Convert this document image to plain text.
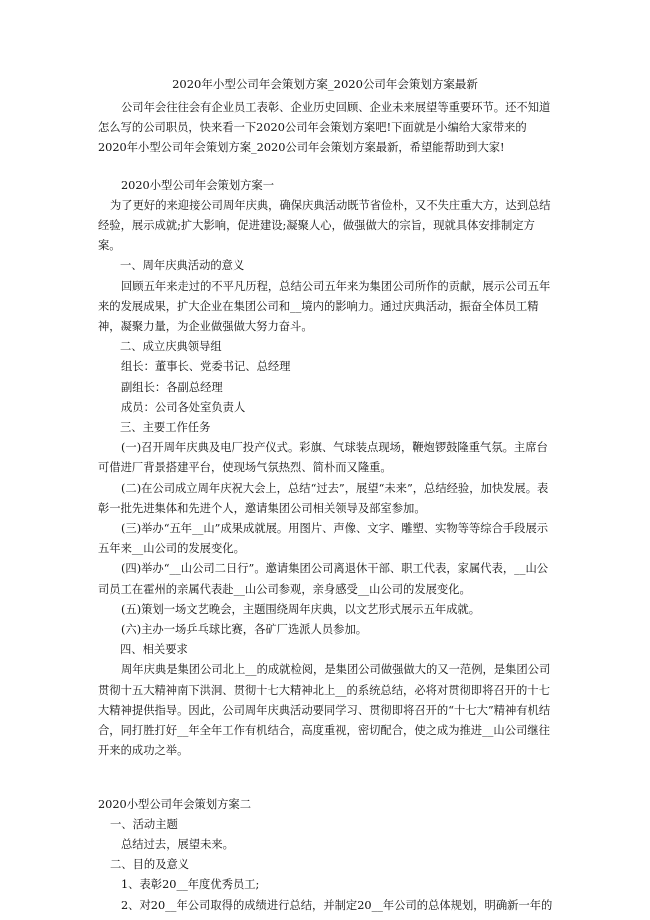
2020年小型公司年会策划方案_2020公司年会策划方案最新

公司年会往往会有企业员工表彰、企业历史回顾、企业未来展望等重要环节。还不知道怎么写的公司职员，快来看一下2020公司年会策划方案吧!下面就是小编给大家带来的2020年小型公司年会策划方案_2020公司年会策划方案最新，希望能帮助到大家!

2020小型公司年会策划方案一

为了更好的来迎接公司周年庆典，确保庆典活动既节省俭朴，又不失庄重大方，达到总结经验，展示成就;扩大影响，促进建设;凝聚人心，做强做大的宗旨，现就具体安排制定方案。

一、周年庆典活动的意义

回顾五年来走过的不平凡历程，总结公司五年来为集团公司所作的贡献，展示公司五年来的发展成果，扩大企业在集团公司和__境内的影响力。通过庆典活动，振奋全体员工精神，凝聚力量，为企业做强做大努力奋斗。

二、成立庆典领导组

组长：董事长、党委书记、总经理

副组长：各副总经理

成员：公司各处室负责人

三、主要工作任务

(一)召开周年庆典及电厂投产仪式。彩旗、气球装点现场，鞭炮锣鼓隆重气氛。主席台可借进厂背景搭建平台，使现场气氛热烈、简朴而又隆重。

(二)在公司成立周年庆祝大会上，总结“过去”，展望“未来”，总结经验，加快发展。表彰一批先进集体和先进个人，邀请集团公司相关领导及部室参加。

(三)举办“五年__山”成果成就展。用图片、声像、文字、雕塑、实物等等综合手段展示五年来__山公司的发展变化。

(四)举办“__山公司二日行”。邀请集团公司离退休干部、职工代表，家属代表，__山公司员工在霍州的亲属代表赴__山公司参观，亲身感受__山公司的发展变化。

(五)策划一场文艺晚会，主题围绕周年庆典，以文艺形式展示五年成就。

(六)主办一场乒乓球比赛，各矿厂选派人员参加。

四、相关要求

周年庆典是集团公司北上__的成就检阅，是集团公司做强做大的又一范例，是集团公司贯彻十五大精神南下洪洞、贯彻十七大精神北上__的系统总结，必将对贯彻即将召开的十七大精神提供指导。因此，公司周年庆典活动要同学习、贯彻即将召开的“十七大”精神有机结合，同打胜打好__年全年工作有机结合，高度重视，密切配合，使之成为推进__山公司继往开来的成功之举。

2020小型公司年会策划方案二

一、活动主题

总结过去，展望未来。

二、目的及意义

1、表彰20__年度优秀员工;

2、对20__年公司取得的成绩进行总结，并制定20__年公司的总体规划，明确新一年的
